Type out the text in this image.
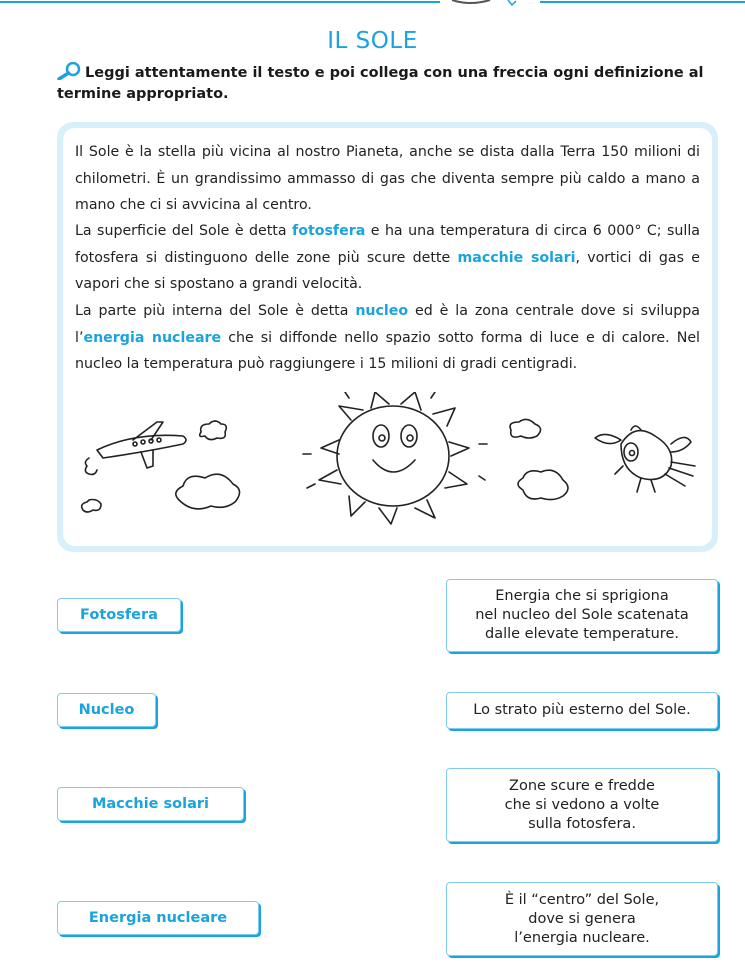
IL SOLE
Leggi attentamente il testo e poi collega con una freccia ogni definizione al termine appropriato.
Il Sole è la stella più vicina al nostro Pianeta, anche se dista dalla Terra 150 milioni di chilometri. È un grandissimo ammasso di gas che diventa sempre più caldo a mano a mano che ci si avvicina al centro.
La superficie del Sole è detta fotosfera e ha una temperatura di circa 6 000° C; sulla fotosfera si distinguono delle zone più scure dette macchie solari, vortici di gas e vapori che si spostano a grandi velocità.
La parte più interna del Sole è detta nucleo ed è la zona centrale dove si sviluppa l’energia nucleare che si diffonde nello spazio sotto forma di luce e di calore. Nel nucleo la temperatura può raggiungere i 15 milioni di gradi centigradi.
Fotosfera
Nucleo
Macchie solari
Energia nucleare
Energia che si sprigiona
nel nucleo del Sole scatenata
dalle elevate temperature.
Lo strato più esterno del Sole.
Zone scure e fredde
che si vedono a volte
sulla fotosfera.
È il “centro” del Sole,
dove si genera
l’energia nucleare.
